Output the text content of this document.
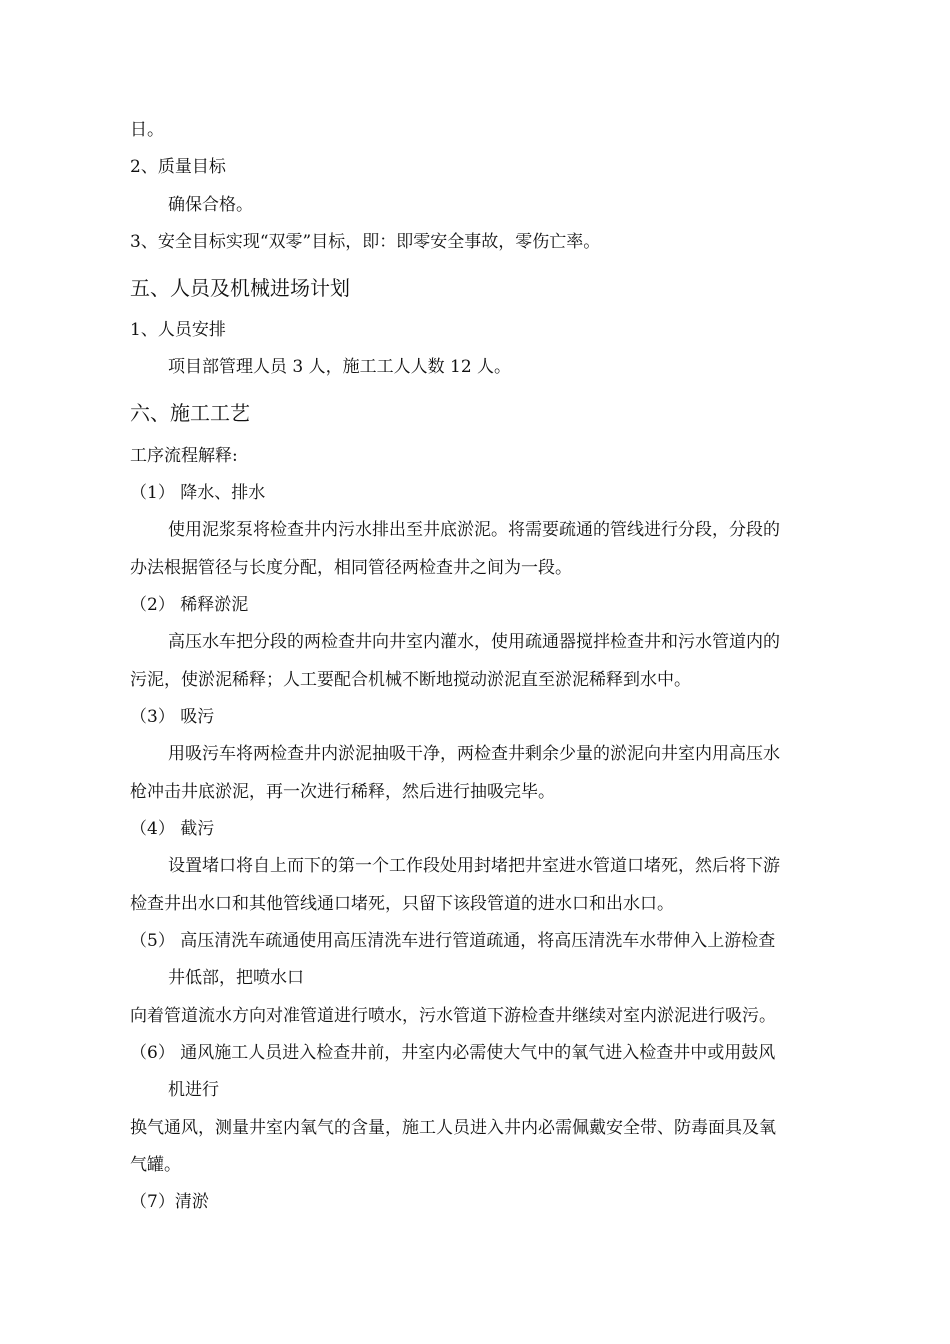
日。
2、质量目标
确保合格。
3、安全目标实现“双零”目标，即：即零安全事故，零伤亡率。
五、人员及机械进场计划
1、人员安排
项目部管理人员 3 人，施工工人人数 12 人。
六、施工工艺
工序流程解释:
（1） 降水、排水
使用泥浆泵将检查井内污水排出至井底淤泥。将需要疏通的管线进行分段，分段的
办法根据管径与长度分配，相同管径两检查井之间为一段。
（2） 稀释淤泥
高压水车把分段的两检查井向井室内灌水，使用疏通器搅拌检查井和污水管道内的
污泥，使淤泥稀释；人工要配合机械不断地搅动淤泥直至淤泥稀释到水中。
（3） 吸污
用吸污车将两检查井内淤泥抽吸干净，两检查井剩余少量的淤泥向井室内用高压水
枪冲击井底淤泥，再一次进行稀释，然后进行抽吸完毕。
（4） 截污
设置堵口将自上而下的第一个工作段处用封堵把井室进水管道口堵死，然后将下游
检查井出水口和其他管线通口堵死，只留下该段管道的进水口和出水口。
（5） 高压清洗车疏通使用高压清洗车进行管道疏通，将高压清洗车水带伸入上游检查
井低部，把喷水口
向着管道流水方向对准管道进行喷水，污水管道下游检查井继续对室内淤泥进行吸污。
（6） 通风施工人员进入检查井前，井室内必需使大气中的氧气进入检查井中或用鼓风
机进行
换气通风，测量井室内氧气的含量，施工人员进入井内必需佩戴安全带、防毒面具及氧
气罐。
（7）清淤
